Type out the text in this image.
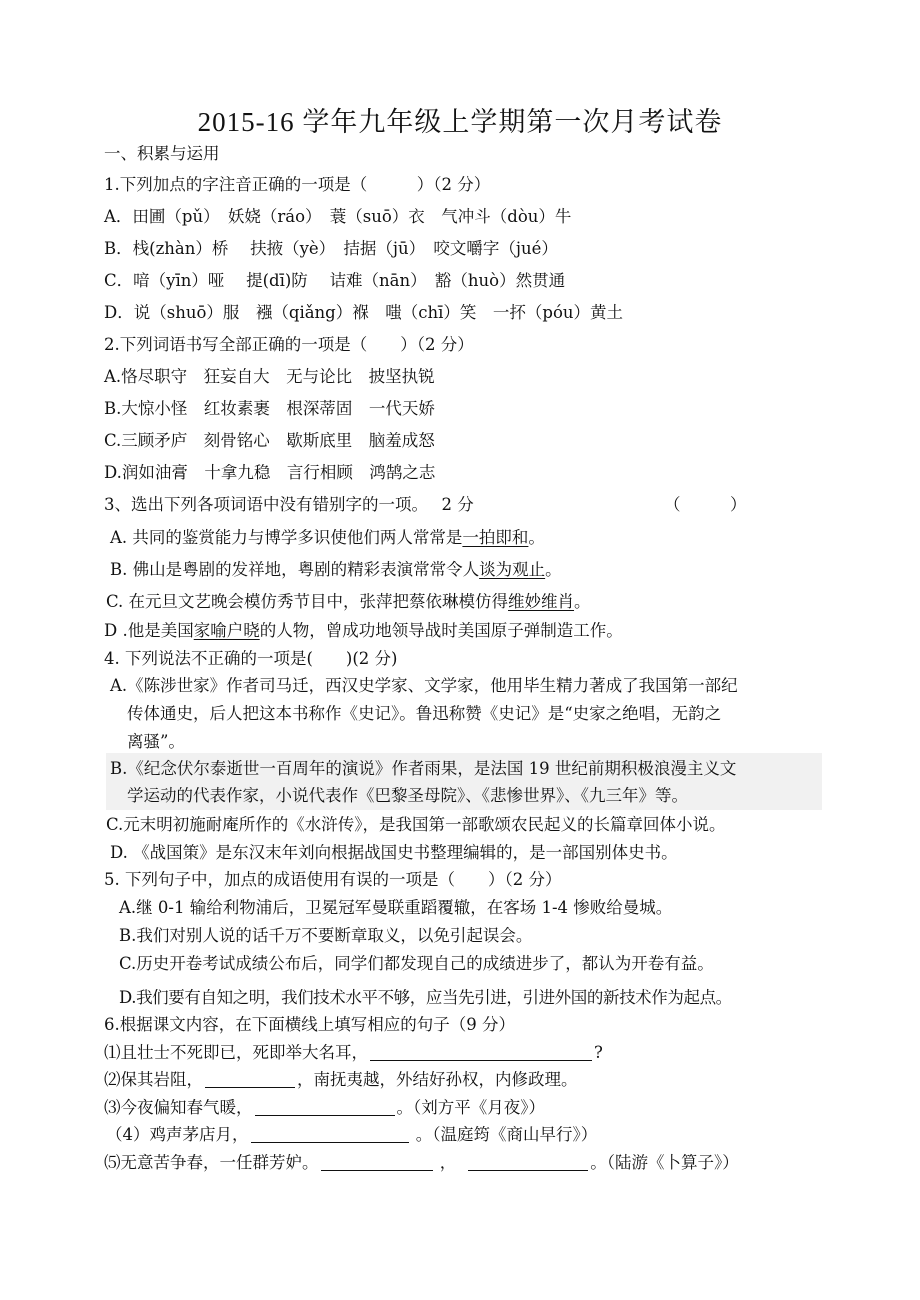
2015-16 学年九年级上学期第一次月考试卷
一、积累与运用
1.下列加点的字注音正确的一项是（　　　）（2 分）
A．田圃（pǔ）　妖娆（ráo）　蓑（suō）衣　气冲斗（dòu）牛
B．栈(zhàn）桥　 扶掖（yè）　拮据（jū）　咬文嚼字（jué）
C．喑（yīn）哑　 提(dī)防　 诘难（nān）　豁（huò）然贯通
D．说（shuō）服　襁（qiǎng）褓　嗤（chī）笑　一抔（póu）黄土
2.下列词语书写全部正确的一项是（　　）（2 分）
A.恪尽职守　狂妄自大　无与论比　披坚执锐
B.大惊小怪　红妆素裹　根深蒂固　一代天娇
C.三顾矛庐　刻骨铭心　歇斯底里　脑羞成怒
D.润如油膏　十拿九稳　言行相顾　鸿鹄之志
3、选出下列各项词语中没有错别字的一项。　 2 分	（　　　）
A. 共同的鉴赏能力与博学多识使他们两人常常是一拍即和。
B. 佛山是粤剧的发祥地，粤剧的精彩表演常常令人谈为观止。
C. 在元旦文艺晚会模仿秀节目中，张萍把蔡依琳模仿得维妙维肖。
D .他是美国家喻户晓的人物，曾成功地领导战时美国原子弹制造工作。
4. 下列说法不正确的一项是(　　)(2 分)
A.《陈涉世家》作者司马迁，西汉史学家、文学家，他用毕生精力著成了我国第一部纪
传体通史，后人把这本书称作《史记》。鲁迅称赞《史记》是“史家之绝唱，无韵之
离骚”。
B.《纪念伏尔泰逝世一百周年的演说》作者雨果，是法国 19 世纪前期积极浪漫主义文
学运动的代表作家，小说代表作《巴黎圣母院》、《悲惨世界》、《九三年》等。
C.元末明初施耐庵所作的《水浒传》，是我国第一部歌颂农民起义的长篇章回体小说。
D. 《战国策》是东汉末年刘向根据战国史书整理编辑的，是一部国别体史书。
5. 下列句子中，加点的成语使用有误的一项是（　　）（2 分）
A.继 0-1 输给利物浦后，卫冕冠军曼联重蹈覆辙，在客场 1-4 惨败给曼城。
B.我们对别人说的话千万不要断章取义，以免引起误会。
C.历史开卷考试成绩公布后，同学们都发现自己的成绩进步了，都认为开卷有益。
D.我们要有自知之明，我们技术水平不够，应当先引进，引进外国的新技术作为起点。
6.根据课文内容，在下面横线上填写相应的句子（9 分）
⑴且壮士不死即已，死即举大名耳，	?
⑵保其岩阻，	，南抚夷越，外结好孙权，内修政理。
⑶今夜偏知春气暖，	。（刘方平《月夜》）
（4）鸡声茅店月，	。（温庭筠《商山早行》）
⑸无意苦争春，一任群芳妒。	，	。（陆游《卜算子》）
